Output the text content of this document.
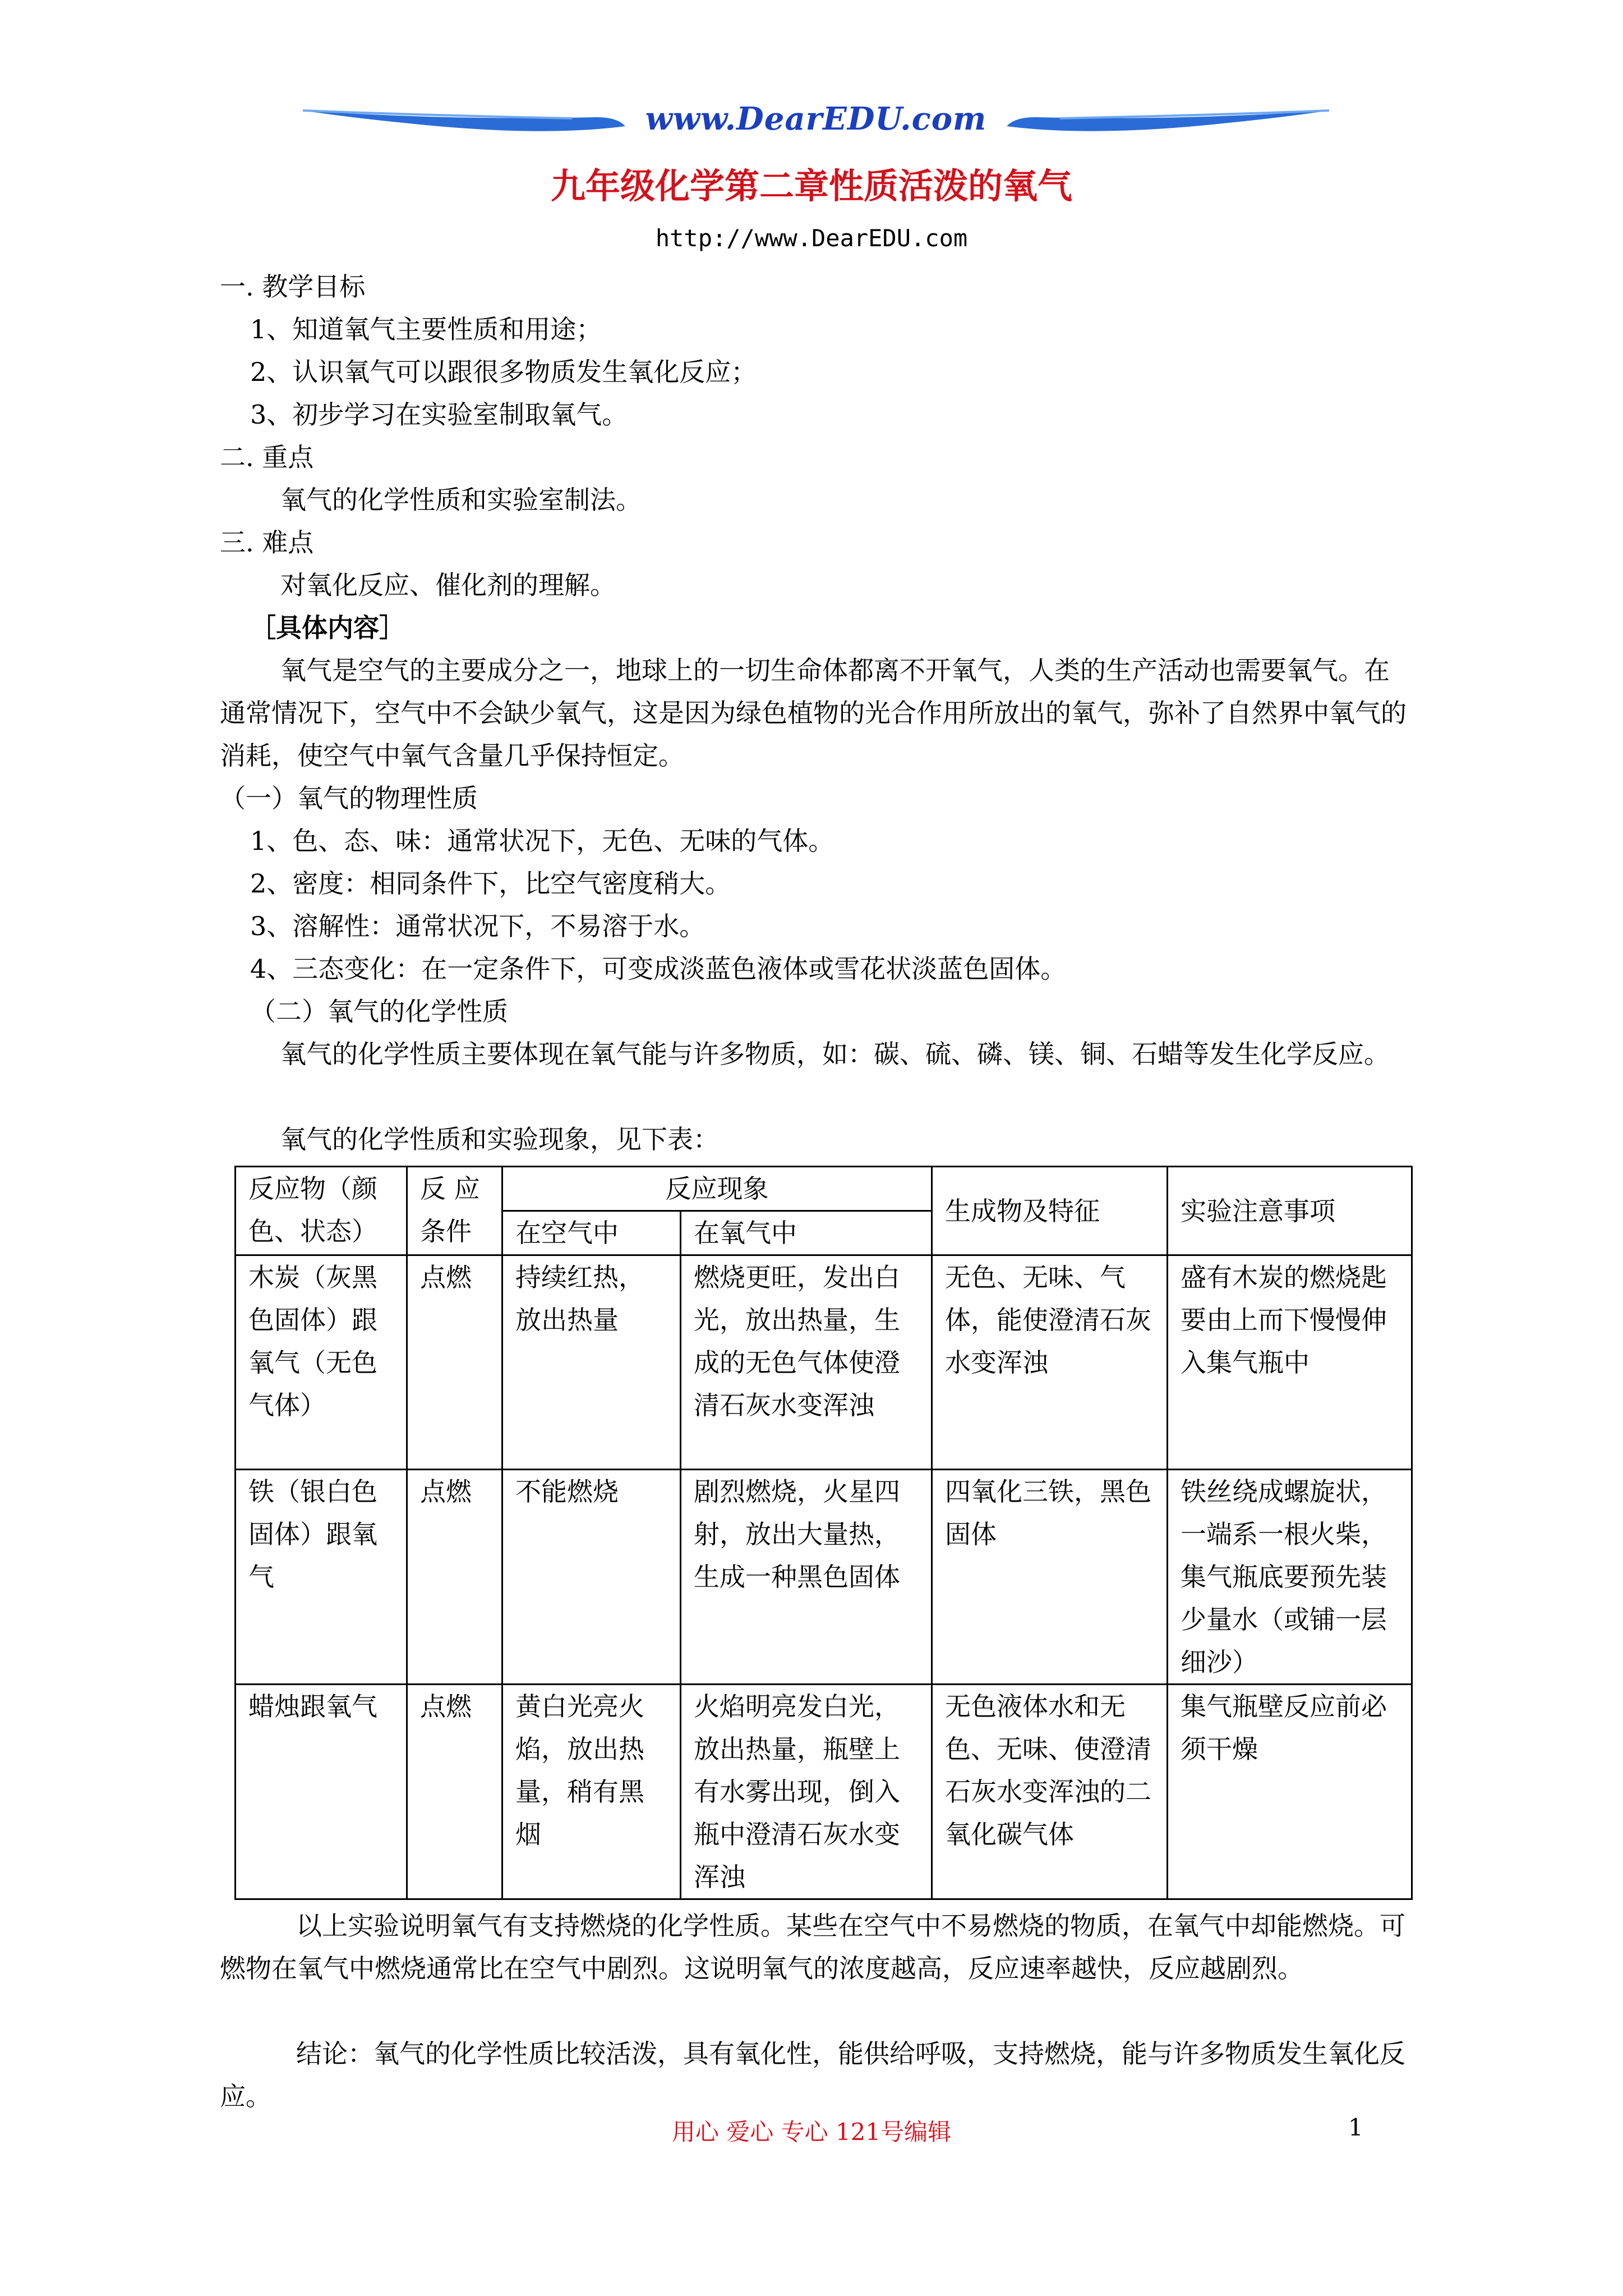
www.DearEDU.com
九年级化学第二章性质活泼的氧气
http://www.DearEDU.com
一. 教学目标
1、知道氧气主要性质和用途；
2、认识氧气可以跟很多物质发生氧化反应；
3、初步学习在实验室制取氧气。
二. 重点
氧气的化学性质和实验室制法。
三. 难点
对氧化反应、催化剂的理解。
［具体内容］
氧气是空气的主要成分之一，地球上的一切生命体都离不开氧气，人类的生产活动也需要氧气。在通常情况下，空气中不会缺少氧气，这是因为绿色植物的光合作用所放出的氧气，弥补了自然界中氧气的消耗，使空气中氧气含量几乎保持恒定。
（一）氧气的物理性质
1、色、态、味：通常状况下，无色、无味的气体。
2、密度：相同条件下，比空气密度稍大。
3、溶解性：通常状况下，不易溶于水。
4、三态变化：在一定条件下，可变成淡蓝色液体或雪花状淡蓝色固体。
（二）氧气的化学性质
氧气的化学性质主要体现在氧气能与许多物质，如：碳、硫、磷、镁、铜、石蜡等发生化学反应。
氧气的化学性质和实验现象，见下表：
反应物（颜色、状态）	反 应条件	反应现象		生成物及特征	实验注意事项
		在空气中	在氧气中		
木炭（灰黑色固体）跟氧气（无色气体）	点燃	持续红热，放出热量	燃烧更旺，发出白光，放出热量，生成的无色气体使澄清石灰水变浑浊	无色、无味、气体，能使澄清石灰水变浑浊	盛有木炭的燃烧匙要由上而下慢慢伸入集气瓶中
铁（银白色固体）跟氧气	点燃	不能燃烧	剧烈燃烧，火星四射，放出大量热，生成一种黑色固体	四氧化三铁，黑色固体	铁丝绕成螺旋状，一端系一根火柴，集气瓶底要预先装少量水（或铺一层细沙）
蜡烛跟氧气	点燃	黄白光亮火焰，放出热量，稍有黑烟	火焰明亮发白光，放出热量，瓶壁上有水雾出现，倒入瓶中澄清石灰水变浑浊	无色液体水和无色、无味、使澄清石灰水变浑浊的二氧化碳气体	集气瓶壁反应前必须干燥
以上实验说明氧气有支持燃烧的化学性质。某些在空气中不易燃烧的物质，在氧气中却能燃烧。可燃物在氧气中燃烧通常比在空气中剧烈。这说明氧气的浓度越高，反应速率越快，反应越剧烈。
结论：氧气的化学性质比较活泼，具有氧化性，能供给呼吸，支持燃烧，能与许多物质发生氧化反应。
用心 爱心 专心 121号编辑	1
